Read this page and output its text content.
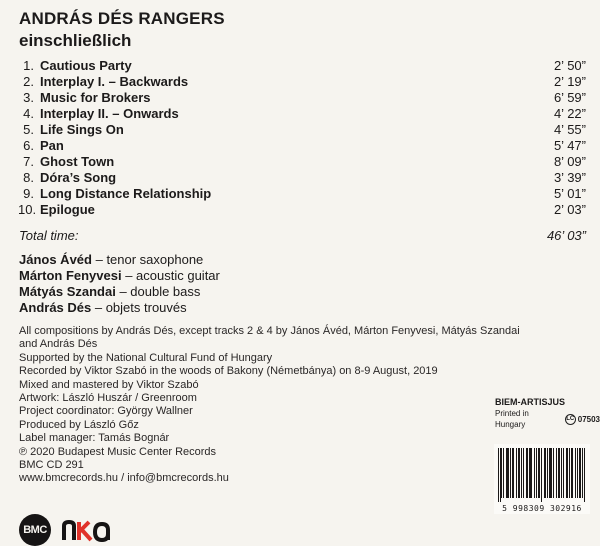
ANDRÁS DÉS RANGERS
einschließlich
1. Cautious Party	2’ 50”
2. Interplay I. – Backwards	2’ 19”
3. Music for Brokers	6’ 59”
4. Interplay II. – Onwards	4’ 22”
5. Life Sings On	4’ 55”
6. Pan	5’ 47”
7. Ghost Town	8’ 09”
8. Dóra’s Song	3’ 39”
9. Long Distance Relationship	5’ 01”
10. Epilogue	2’ 03”
Total time:	46’ 03”
János Ávéd – tenor saxophone
Márton Fenyvesi – acoustic guitar
Mátyás Szandai – double bass
András Dés – objets trouvés
All compositions by András Dés, except tracks 2 & 4 by János Ávéd, Márton Fenyvesi, Mátyás Szandai
and András Dés
Supported by the National Cultural Fund of Hungary
Recorded by Viktor Szabó in the woods of Bakony (Németbánya) on 8-9 August, 2019
Mixed and mastered by Viktor Szabó
Artwork: László Huszár / Greenroom
Project coordinator: György Wallner
Produced by László Gőz
Label manager: Tamás Bognár
℗ 2020 Budapest Music Center Records
BMC CD 291
www.bmcrecords.hu / info@bmcrecords.hu
BIEM-ARTISJUS
Printed in Hungary
LC 07503
5 998309 302916
BMC
nka
